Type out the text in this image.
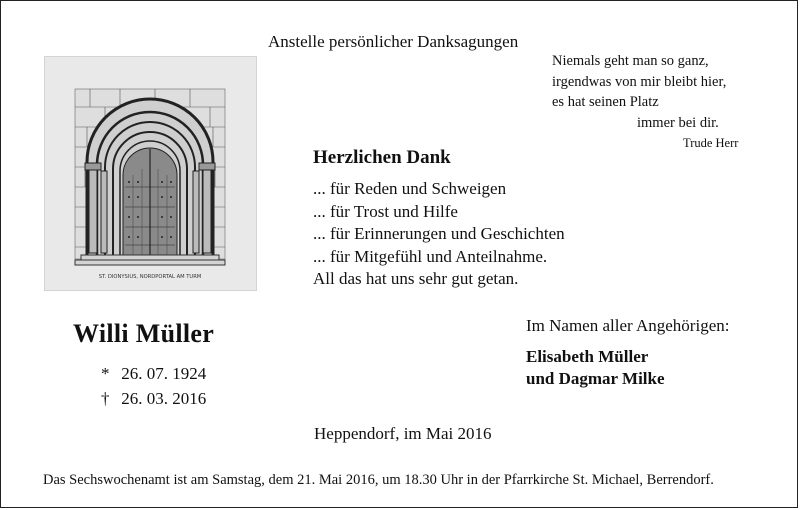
Anstelle persönlicher Danksagungen
Niemals geht man so ganz,
irgendwas von mir bleibt hier,
es hat seinen Platz
immer bei dir.
Trude Herr
ST. DIONYSIUS, NORDPORTAL AM TURM
Herzlichen Dank
... für Reden und Schweigen
... für Trost und Hilfe
... für Erinnerungen und Geschichten
... für Mitgefühl und Anteilnahme.
All das hat uns sehr gut getan.
Willi Müller
* 26. 07. 1924
† 26. 03. 2016
Im Namen aller Angehörigen:
Elisabeth Müller
und Dagmar Milke
Heppendorf, im Mai 2016
Das Sechswochenamt ist am Samstag, dem 21. Mai 2016, um 18.30 Uhr in der Pfarrkirche St. Michael, Berrendorf.
